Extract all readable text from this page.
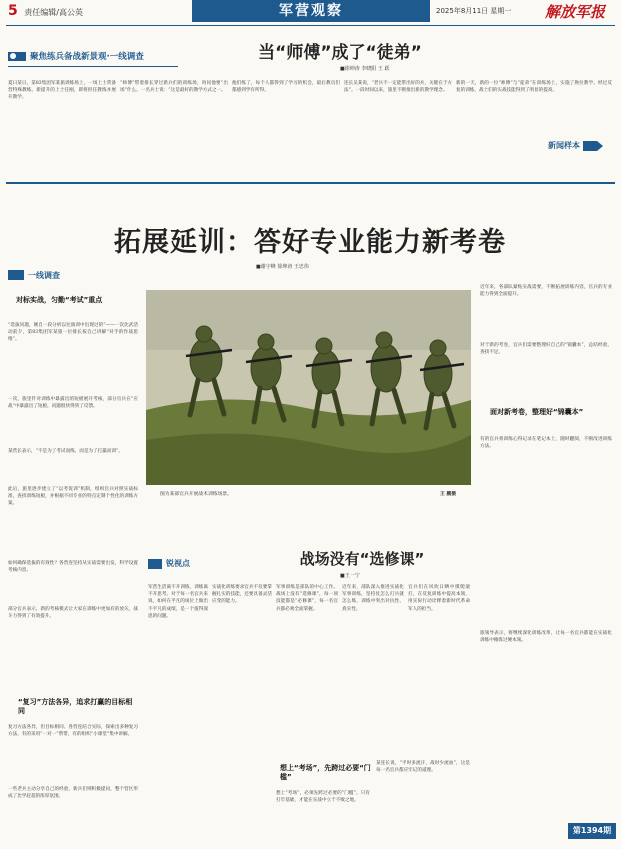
5 责任编辑/高公英	军营观察	2025年8月11日 星期一 解放军报
聚焦练兵备战新景观·一线调查	当“师傅”成了“徒弟”
■徐坤涛 李晓阳 王 跃
夏日某日，第83集团军某旅训练场上，一场上士常备营特殊教练。新提升的上士任刚，即将担任教练并展开教学。
“师傅”带着排长穿过新兵们的训练场，询问他要“出场”什么。一名兵士说：“这是最好的教学方式之一。
他们练了，每个人都得到了学习的机会，最后教员们都感到学有所得。
连长吴某说，“老兵不一定能带出好的兵，关键在于方法”。一段时间以来，旅里不断推出新的教学理念。
新的一天，新的一位“师傅”与“徒弟”在训练场上，实施了换位教学。经过反复的训练，战士们的实战技能得到了明显的提高。
新闻样本
拓展延训：答好专业能力新考卷
■谢宇峰 徐坤涛 王忠伟
一线调查
对标实战，匀勤“考试”重点
“选拔问题，刚自一段分析以往演训中出现过的”——一次比武活动前夕，第83集团军某旅一位排长按自己讲解“对手的作战思维”。
一次，旅里针对训练中暴露出的短板展开考核，部分官兵在“应战”中暴露出了短板，问题很快得到了反馈。
某营长表示，“不是为了考试而练，而是为了打赢而训”。
此后，旅里逐步建立了“以考促训”机制，组织官兵对照实战标准，查找训练短板，并根据不同专业的特点定制个性化的训练方案。
如何确保选拔的有效性？各营连坚持从实战需要出发，科学设置考核内容。
部分官兵表示，新的考核模式让大家在训练中更加有的放矢，战斗力得到了有效提升。
“复习”方法各异，追求打赢的目标相同
复习方法各异，但目标相同。各营连结合实际，探索出多种复习方法，有的采用“一对一”帮带，有的组织“小课堂”集中讲解。
一些老兵主动分享自己的经验，新兵们则积极提问，整个营区形成了比学赶超的浓厚氛围。
图为某部官兵开展战术训练场景。	王 鹏摄
锐视点
军营生活离不开训练，训练离不开思考。对于每一名官兵来说，如何在平凡的岗位上做出不平凡的成绩，是一个值得深思的问题。
实战化训练要求官兵不仅要掌握扎实的技能，还要具备灵活应变的能力。
战场没有“选修课”
■王一宁
军事训练是部队的中心工作。战场上没有“选修课”，每一项技能都是“必修课”，每一名官兵都必须全面掌握。
近年来，部队深入推进实战化军事训练，坚持仗怎么打兵就怎么练，训练中突出对抗性、真实性。
官兵们在风吹日晒中摸爬滚打，在反复训练中提高本领，用实际行动诠释着新时代革命军人的担当。
想上“考场”，先跨过必要“门槛”
想上“考场”，必须先跨过必要的“门槛”。只有打牢基础，才能在实战中立于不败之地。
某连长说，“平时多流汗，战时少流血”，这是每一名官兵都应牢记的道理。
近年来，各部队紧贴实战需要，不断拓展训练内容，官兵的专业能力得到全面提升。
对于新的考卷，官兵们需要整理好自己的“锦囊本”，总结经验，查找不足。
面对新考卷，整理好“锦囊本”
有的官兵将训练心得记录在笔记本上，随时翻阅，不断改进训练方法。
旅领导表示，将继续深化训练改革，让每一名官兵都能在实战化训练中锤炼过硬本领。
第1394期
